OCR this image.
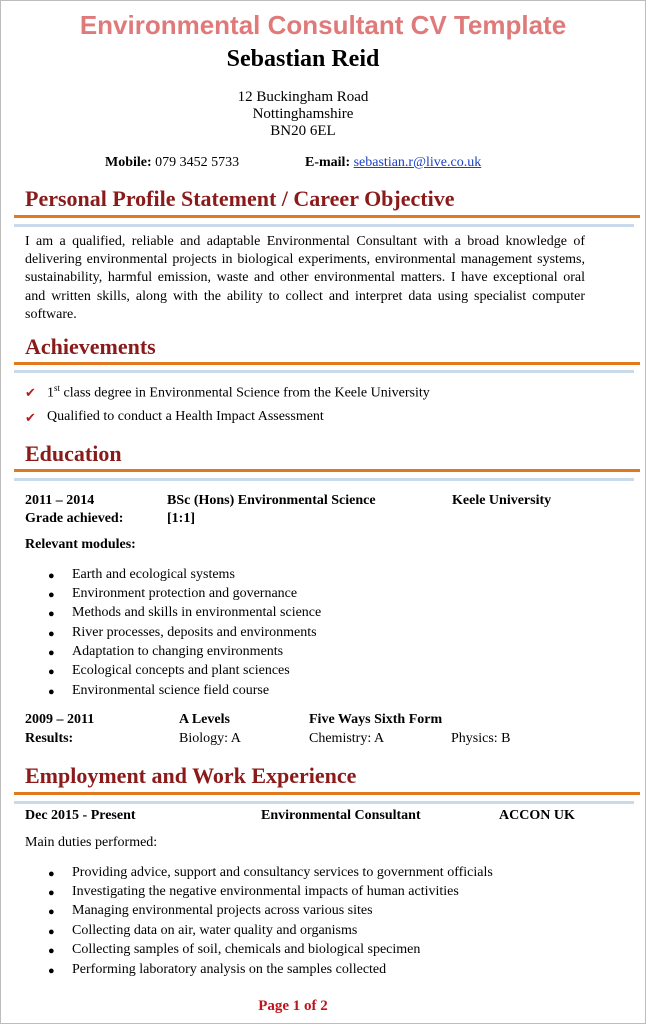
Environmental Consultant CV Template
Sebastian Reid
12 Buckingham Road
Nottinghamshire
BN20 6EL
Mobile: 079 3452 5733	E-mail: sebastian.r@live.co.uk
Personal Profile Statement / Career Objective
I am a qualified, reliable and adaptable Environmental Consultant with a broad knowledge of delivering environmental projects in biological experiments, environmental management systems, sustainability, harmful emission, waste and other environmental matters. I have exceptional oral and written skills, along with the ability to collect and interpret data using specialist computer software.
Achievements
✔ 1st class degree in Environmental Science from the Keele University
✔ Qualified to conduct a Health Impact Assessment
Education
2011 – 2014	BSc (Hons) Environmental Science	Keele University
Grade achieved:	[1:1]
Relevant modules:
● Earth and ecological systems
● Environment protection and governance
● Methods and skills in environmental science
● River processes, deposits and environments
● Adaptation to changing environments
● Ecological concepts and plant sciences
● Environmental science field course
2009 – 2011	A Levels	Five Ways Sixth Form
Results:	Biology: A	Chemistry: A	Physics: B
Employment and Work Experience
Dec 2015 - Present	Environmental Consultant	ACCON UK
Main duties performed:
● Providing advice, support and consultancy services to government officials
● Investigating the negative environmental impacts of human activities
● Managing environmental projects across various sites
● Collecting data on air, water quality and organisms
● Collecting samples of soil, chemicals and biological specimen
● Performing laboratory analysis on the samples collected
Page 1 of 2
